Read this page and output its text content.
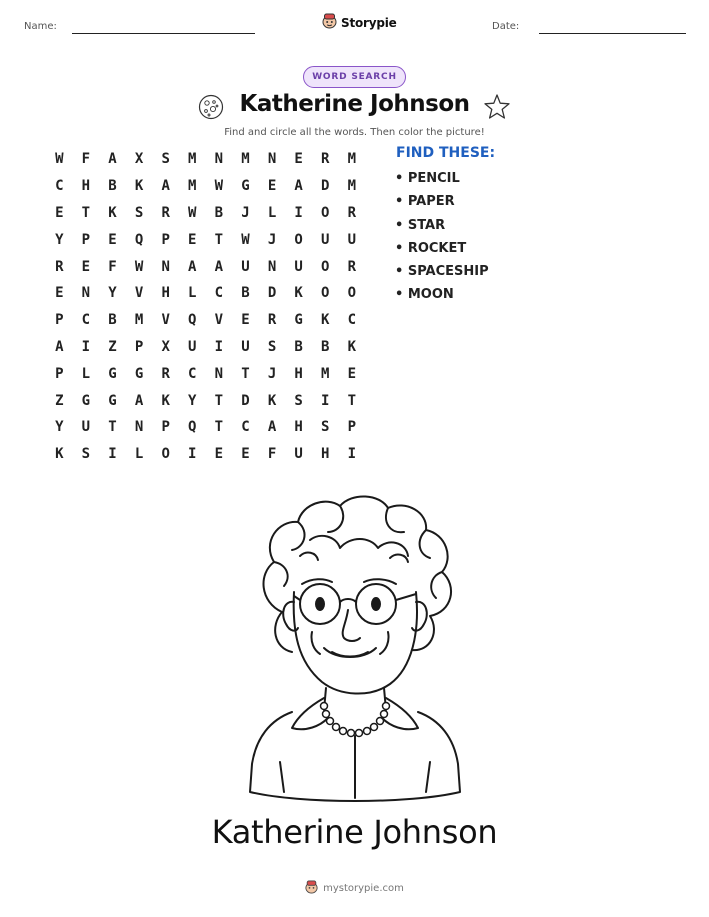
Name:	Storypie	Date:
WORD SEARCH
Katherine Johnson
Find and circle all the words. Then color the picture!
W	F	A	X	S	M	N	M	N	E	R	M
C	H	B	K	A	M	W	G	E	A	D	M
E	T	K	S	R	W	B	J	L	I	O	R
Y	P	E	Q	P	E	T	W	J	O	U	U
R	E	F	W	N	A	A	U	N	U	O	R
E	N	Y	V	H	L	C	B	D	K	O	O
P	C	B	M	V	Q	V	E	R	G	K	C
A	I	Z	P	X	U	I	U	S	B	B	K
P	L	G	G	R	C	N	T	J	H	M	E
Z	G	G	A	K	Y	T	D	K	S	I	T
Y	U	T	N	P	Q	T	C	A	H	S	P
K	S	I	L	O	I	E	E	F	U	H	I
FIND THESE:
• PENCIL
• PAPER
• STAR
• ROCKET
• SPACESHIP
• MOON
Katherine Johnson
mystorypie.com
